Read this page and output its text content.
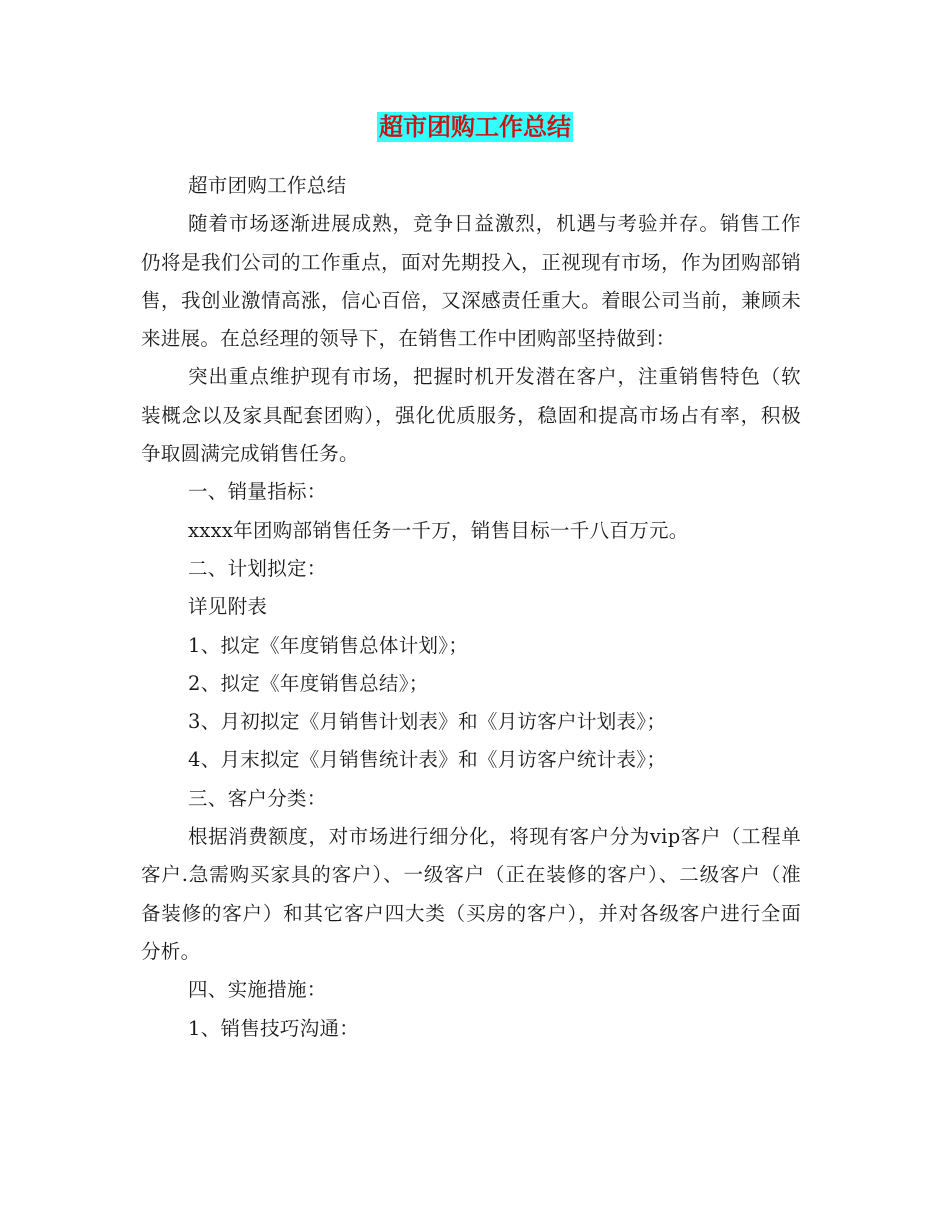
超市团购工作总结

超市团购工作总结

随着市场逐渐进展成熟，竞争日益激烈，机遇与考验并存。销售工作仍将是我们公司的工作重点，面对先期投入，正视现有市场，作为团购部销售，我创业激情高涨，信心百倍，又深感责任重大。着眼公司当前，兼顾未来进展。在总经理的领导下，在销售工作中团购部坚持做到：

突出重点维护现有市场，把握时机开发潜在客户，注重销售特色（软装概念以及家具配套团购），强化优质服务，稳固和提高市场占有率，积极争取圆满完成销售任务。

一、销量指标：

xxxx年团购部销售任务一千万，销售目标一千八百万元。

二、计划拟定：

详见附表

1、拟定《年度销售总体计划》；

2、拟定《年度销售总结》；

3、月初拟定《月销售计划表》和《月访客户计划表》；

4、月末拟定《月销售统计表》和《月访客户统计表》；

三、客户分类：

根据消费额度，对市场进行细分化，将现有客户分为vip客户（工程单客户.急需购买家具的客户）、一级客户（正在装修的客户）、二级客户（准备装修的客户）和其它客户四大类（买房的客户），并对各级客户进行全面分析。

四、实施措施：

1、销售技巧沟通：
